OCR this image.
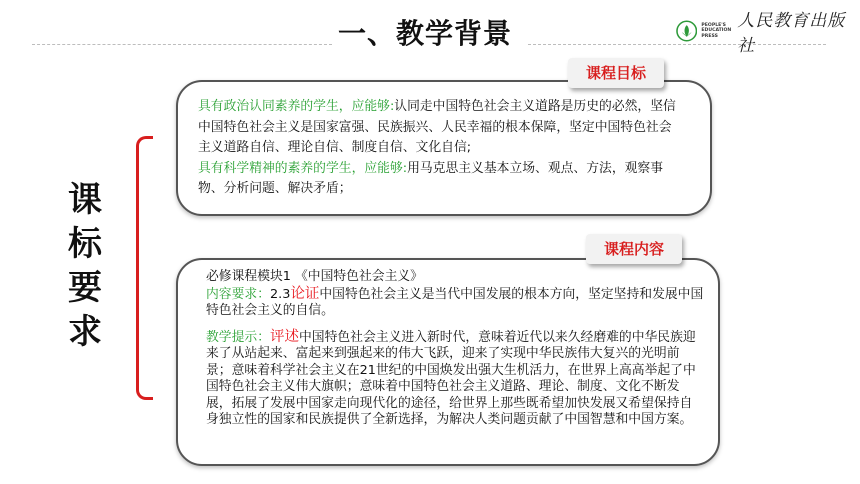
一、教学背景	PEOPLE'S
EDUCATION
PRESS
人民教育出版社
课
标
要
求
课程目标
具有政治认同素养的学生，应能够:认同走中国特色社会主义道路是历史的必然，坚信中国特色社会主义是国家富强、民族振兴、人民幸福的根本保障，坚定中国特色社会主义道路自信、理论自信、制度自信、文化自信;
具有科学精神的素养的学生，应能够:用马克思主义基本立场、观点、方法，观察事物、分析问题、解决矛盾；
课程内容

必修课程模块1 《中国特色社会主义》

内容要求：2.3论证中国特色社会主义是当代中国发展的根本方向，坚定坚持和发展中国特色社会主义的自信。

教学提示：评述中国特色社会主义进入新时代，意味着近代以来久经磨难的中华民族迎来了从站起来、富起来到强起来的伟大飞跃，迎来了实现中华民族伟大复兴的光明前景；意味着科学社会主义在21世纪的中国焕发出强大生机活力，在世界上高高举起了中国特色社会主义伟大旗帜；意味着中国特色社会主义道路、理论、制度、文化不断发展，拓展了发展中国家走向现代化的途径，给世界上那些既希望加快发展又希望保持自身独立性的国家和民族提供了全新选择，为解决人类问题贡献了中国智慧和中国方案。
